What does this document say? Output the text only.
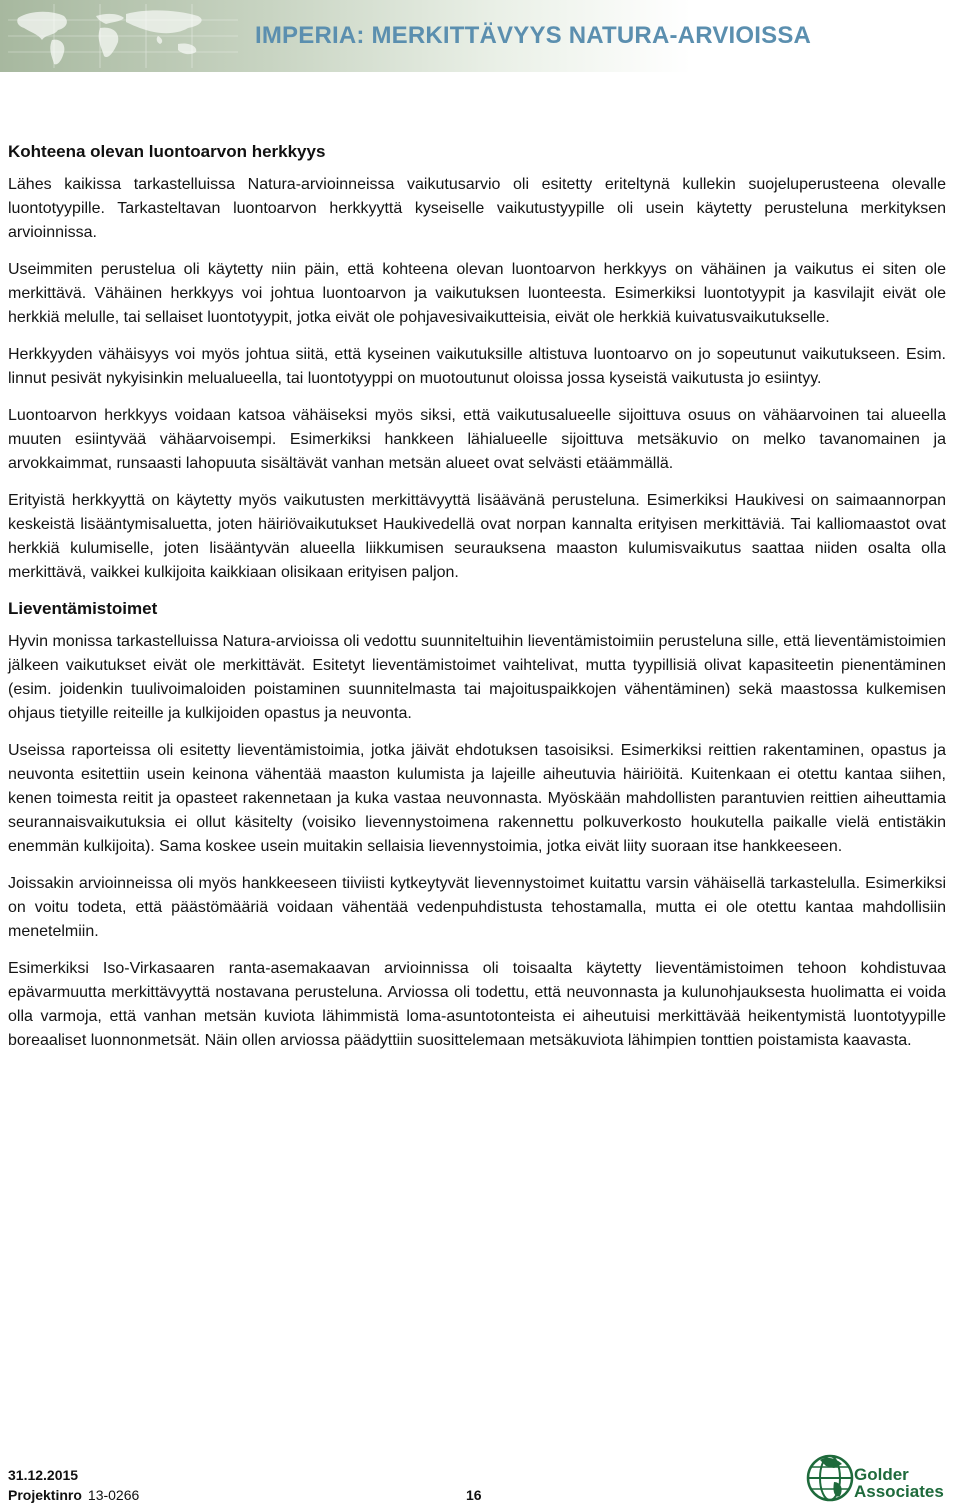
IMPERIA: MERKITTÄVYYS NATURA-ARVIOISSA
Kohteena olevan luontoarvon herkkyys

Lähes kaikissa tarkastelluissa Natura-arvioinneissa vaikutusarvio oli esitetty eriteltynä kullekin suojeluperusteena olevalle luontotyypille. Tarkasteltavan luontoarvon herkkyyttä kyseiselle vaikutustyypille oli usein käytetty perusteluna merkityksen arvioinnissa.

Useimmiten perustelua oli käytetty niin päin, että kohteena olevan luontoarvon herkkyys on vähäinen ja vaikutus ei siten ole merkittävä. Vähäinen herkkyys voi johtua luontoarvon ja vaikutuksen luonteesta. Esimerkiksi luontotyypit ja kasvilajit eivät ole herkkiä melulle, tai sellaiset luontotyypit, jotka eivät ole pohjavesivaikutteisia, eivät ole herkkiä kuivatusvaikutukselle.

Herkkyyden vähäisyys voi myös johtua siitä, että kyseinen vaikutuksille altistuva luontoarvo on jo sopeutunut vaikutukseen. Esim. linnut pesivät nykyisinkin melualueella, tai luontotyyppi on muotoutunut oloissa jossa kyseistä vaikutusta jo esiintyy.

Luontoarvon herkkyys voidaan katsoa vähäiseksi myös siksi, että vaikutusalueelle sijoittuva osuus on vähäarvoinen tai alueella muuten esiintyvää vähäarvoisempi. Esimerkiksi hankkeen lähialueelle sijoittuva metsäkuvio on melko tavanomainen ja arvokkaimmat, runsaasti lahopuuta sisältävät vanhan metsän alueet ovat selvästi etäämmällä.

Erityistä herkkyyttä on käytetty myös vaikutusten merkittävyyttä lisäävänä perusteluna. Esimerkiksi Haukivesi on saimaannorpan keskeistä lisääntymisaluetta, joten häiriövaikutukset Haukivedellä ovat norpan kannalta erityisen merkittäviä. Tai kalliomaastot ovat herkkiä kulumiselle, joten lisääntyvän alueella liikkumisen seurauksena maaston kulumisvaikutus saattaa niiden osalta olla merkittävä, vaikkei kulkijoita kaikkiaan olisikaan erityisen paljon.

Lieventämistoimet

Hyvin monissa tarkastelluissa Natura-arvioissa oli vedottu suunniteltuihin lieventämistoimiin perusteluna sille, että lieventämistoimien jälkeen vaikutukset eivät ole merkittävät. Esitetyt lieventämistoimet vaihtelivat, mutta tyypillisiä olivat kapasiteetin pienentäminen (esim. joidenkin tuulivoimaloiden poistaminen suunnitelmasta tai majoituspaikkojen vähentäminen) sekä maastossa kulkemisen ohjaus tietyille reiteille ja kulkijoiden opastus ja neuvonta.

Useissa raporteissa oli esitetty lieventämistoimia, jotka jäivät ehdotuksen tasoisiksi. Esimerkiksi reittien rakentaminen, opastus ja neuvonta esitettiin usein keinona vähentää maaston kulumista ja lajeille aiheutuvia häiriöitä. Kuitenkaan ei otettu kantaa siihen, kenen toimesta reitit ja opasteet rakennetaan ja kuka vastaa neuvonnasta. Myöskään mahdollisten parantuvien reittien aiheuttamia seurannaisvaikutuksia ei ollut käsitelty (voisiko lievennystoimena rakennettu polkuverkosto houkutella paikalle vielä entistäkin enemmän kulkijoita). Sama koskee usein muitakin sellaisia lievennystoimia, jotka eivät liity suoraan itse hankkeeseen.

Joissakin arvioinneissa oli myös hankkeeseen tiiviisti kytkeytyvät lievennystoimet kuitattu varsin vähäisellä tarkastelulla. Esimerkiksi on voitu todeta, että päästömääriä voidaan vähentää vedenpuhdistusta tehostamalla, mutta ei ole otettu kantaa mahdollisiin menetelmiin.

Esimerkiksi Iso-Virkasaaren ranta-asemakaavan arvioinnissa oli toisaalta käytetty lieventämistoimen tehoon kohdistuvaa epävarmuutta merkittävyyttä nostavana perusteluna. Arviossa oli todettu, että neuvonnasta ja kulunohjauksesta huolimatta ei voida olla varmoja, että vanhan metsän kuviota lähimmistä loma-asuntotonteista ei aiheutuisi merkittävää heikentymistä luontotyypille boreaaliset luonnonmetsät. Näin ollen arviossa päädyttiin suosittelemaan metsäkuviota lähimpien tonttien poistamista kaavasta.

31.12.2015
Projektinro 13-0266	16
Golder
Associates
